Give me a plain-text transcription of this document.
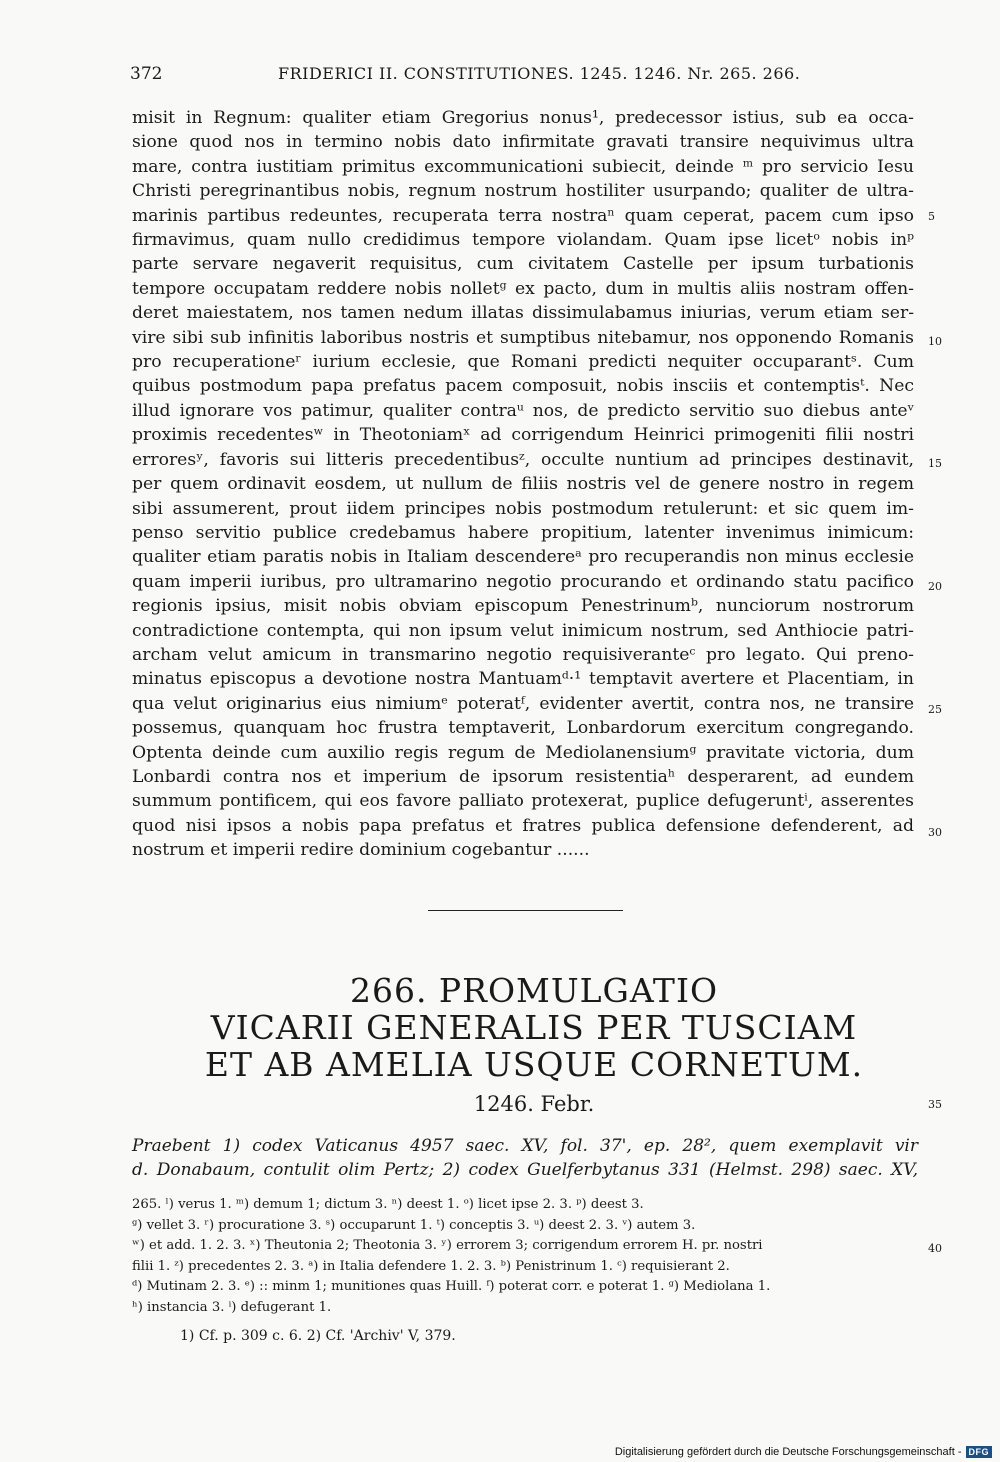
372	FRIDERICI II. CONSTITUTIONES. 1245. 1246. Nr. 265. 266.
misit in Regnum: qualiter etiam Gregorius nonus¹, predecessor istius, sub ea occa-
sione quod nos in termino nobis dato infirmitate gravati transire nequivimus ultra
mare, contra iustitiam primitus excommunicationi subiecit, deinde ᵐ pro servicio Iesu
Christi peregrinantibus nobis, regnum nostrum hostiliter usurpando; qualiter de ultra-
marinis partibus redeuntes, recuperata terra nostraⁿ quam ceperat, pacem cum ipso
firmavimus, quam nullo credidimus tempore violandam. Quam ipse licetᵒ nobis inᵖ
parte servare negaverit requisitus, cum civitatem Castelle per ipsum turbationis
tempore occupatam reddere nobis nolletᵍ ex pacto, dum in multis aliis nostram offen-
deret maiestatem, nos tamen nedum illatas dissimulabamus iniurias, verum etiam ser-
vire sibi sub infinitis laboribus nostris et sumptibus nitebamur, nos opponendo Romanis
pro recuperationeʳ iurium ecclesie, que Romani predicti nequiter occuparantˢ. Cum
quibus postmodum papa prefatus pacem composuit, nobis insciis et contemptisᵗ. Nec
illud ignorare vos patimur, qualiter contraᵘ nos, de predicto servitio suo diebus anteᵛ
proximis recedentesʷ in Theotoniamˣ ad corrigendum Heinrici primogeniti filii nostri
erroresʸ, favoris sui litteris precedentibusᶻ, occulte nuntium ad principes destinavit,
per quem ordinavit eosdem, ut nullum de filiis nostris vel de genere nostro in regem
sibi assumerent, prout iidem principes nobis postmodum retulerunt: et sic quem im-
penso servitio publice credebamus habere propitium, latenter invenimus inimicum:
qualiter etiam paratis nobis in Italiam descendereᵃ pro recuperandis non minus ecclesie
quam imperii iuribus, pro ultramarino negotio procurando et ordinando statu pacifico
regionis ipsius, misit nobis obviam episcopum Penestrinumᵇ, nunciorum nostrorum
contradictione contempta, qui non ipsum velut inimicum nostrum, sed Anthiocie patri-
archam velut amicum in transmarino negotio requisiveranteᶜ pro legato. Qui preno-
minatus episcopus a devotione nostra Mantuamᵈ·¹ temptavit avertere et Placentiam, in
qua velut originarius eius nimiumᵉ poteratᶠ, evidenter avertit, contra nos, ne transire
possemus, quanquam hoc frustra temptaverit, Lonbardorum exercitum congregando.
Optenta deinde cum auxilio regis regum de Mediolanensiumᵍ pravitate victoria, dum
Lonbardi contra nos et imperium de ipsorum resistentiaʰ desperarent, ad eundem
summum pontificem, qui eos favore palliato protexerat, puplice defugeruntⁱ, asserentes
quod nisi ipsos a nobis papa prefatus et fratres publica defensione defenderent, ad
nostrum et imperii redire dominium cogebantur ......
5
10
15
20
25
30
35
40
266. PROMULGATIO
VICARII GENERALIS PER TUSCIAM
ET AB AMELIA USQUE CORNETUM.
1246. Febr.
Praebent 1) codex Vaticanus 4957 saec. XV, fol. 37', ep. 28², quem exemplavit vir
d. Donabaum, contulit olim Pertz; 2) codex Guelferbytanus 331 (Helmst. 298) saec. XV,
265. ˡ) verus 1. ᵐ) demum 1; dictum 3. ⁿ) deest 1. ᵒ) licet ipse 2. 3. ᵖ) deest 3.
ᵍ) vellet 3. ʳ) procuratione 3. ˢ) occuparunt 1. ᵗ) conceptis 3. ᵘ) deest 2. 3. ᵛ) autem 3.
ʷ) et add. 1. 2. 3. ˣ) Theutonia 2; Theotonia 3. ʸ) errorem 3; corrigendum errorem H. pr. nostri
filii 1. ᶻ) precedentes 2. 3. ᵃ) in Italia defendere 1. 2. 3. ᵇ) Penistrinum 1. ᶜ) requisierant 2.
ᵈ) Mutinam 2. 3. ᵉ) :: minm 1; munitiones quas Huill. ᶠ) poterat corr. e poterat 1. ᵍ) Mediolana 1.
ʰ) instancia 3. ⁱ) defugerant 1.
1) Cf. p. 309 c. 6. 2) Cf. 'Archiv' V, 379.
Digitalisierung gefördert durch die Deutsche Forschungsgemeinschaft - DFG
